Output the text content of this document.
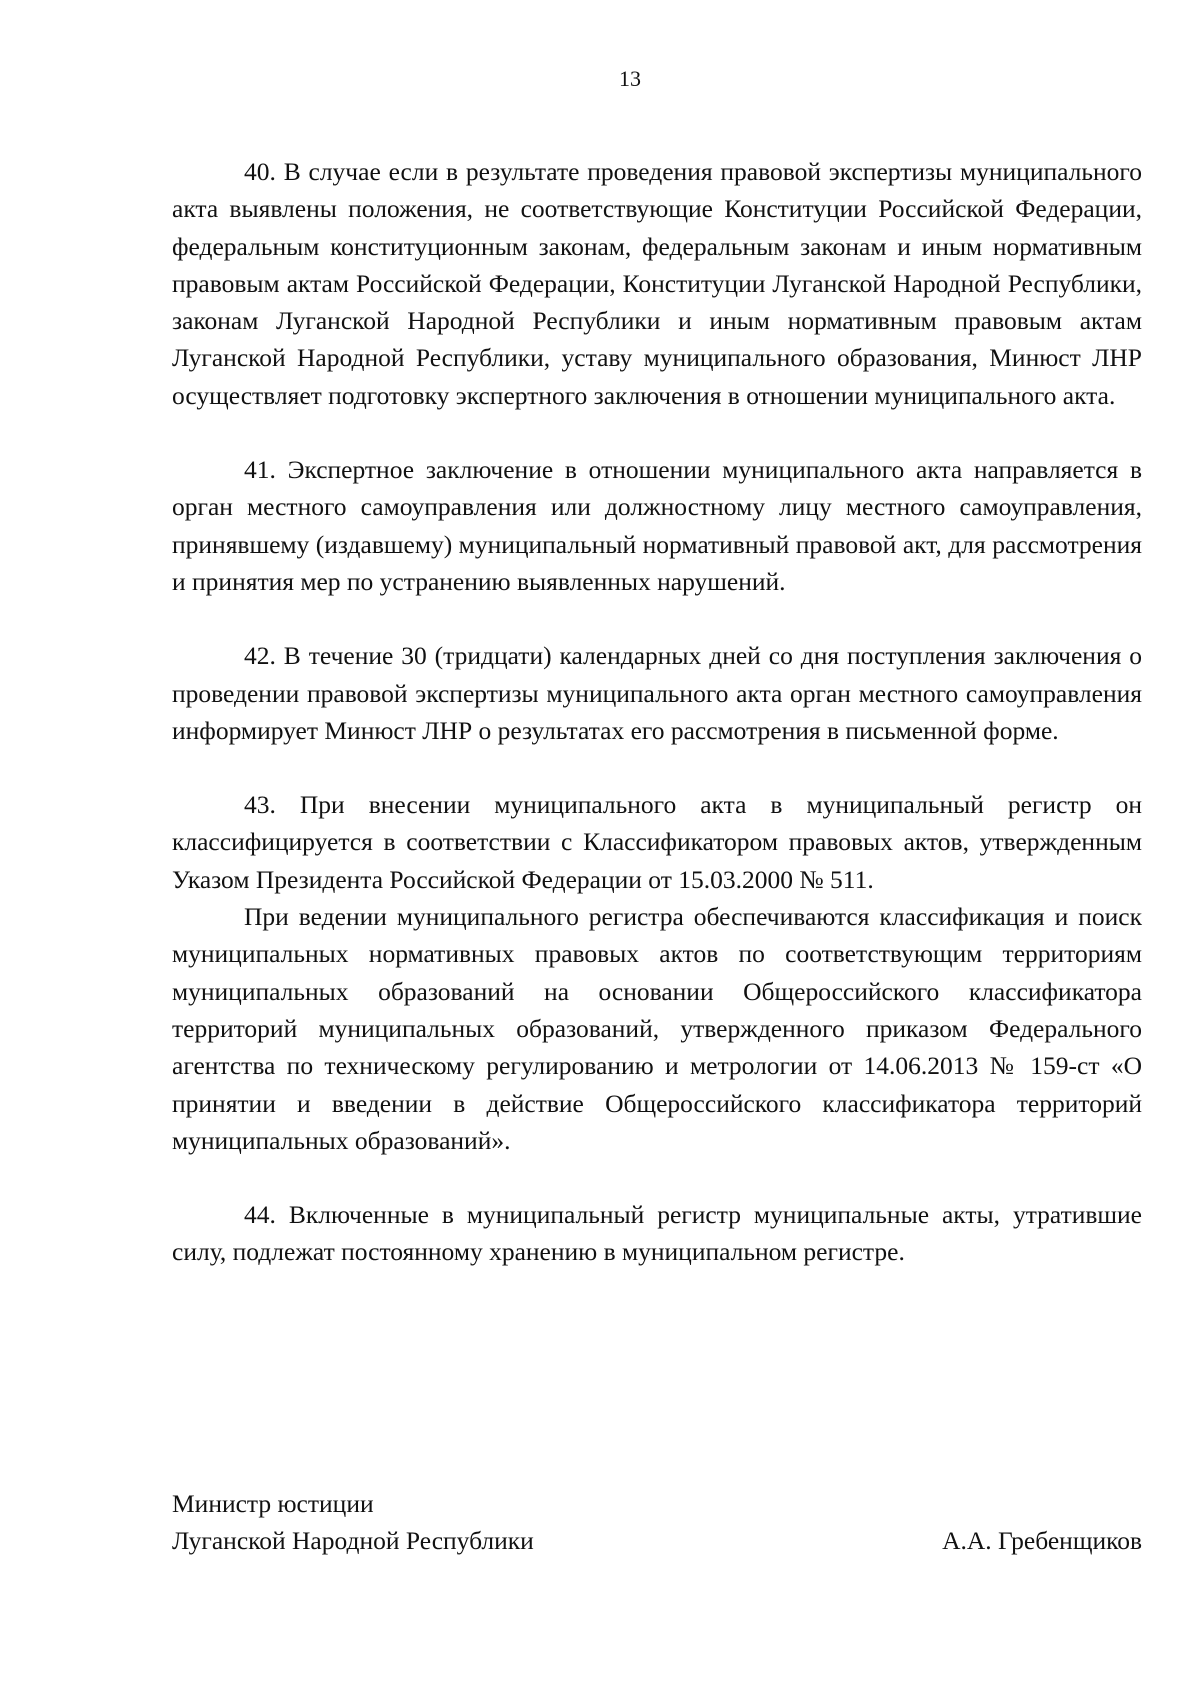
13

40. В случае если в результате проведения правовой экспертизы муниципального акта выявлены положения, не соответствующие Конституции Российской Федерации, федеральным конституционным законам, федеральным законам и иным нормативным правовым актам Российской Федерации, Конституции Луганской Народной Республики, законам Луганской Народной Республики и иным нормативным правовым актам Луганской Народной Республики, уставу муниципального образования, Минюст ЛНР осуществляет подготовку экспертного заключения в отношении муниципального акта.

41. Экспертное заключение в отношении муниципального акта направляется в орган местного самоуправления или должностному лицу местного самоуправления, принявшему (издавшему) муниципальный нормативный правовой акт, для рассмотрения и принятия мер по устранению выявленных нарушений.

42. В течение 30 (тридцати) календарных дней со дня поступления заключения о проведении правовой экспертизы муниципального акта орган местного самоуправления информирует Минюст ЛНР о результатах его рассмотрения в письменной форме.

43. При внесении муниципального акта в муниципальный регистр он классифицируется в соответствии с Классификатором правовых актов, утвержденным Указом Президента Российской Федерации от 15.03.2000 № 511.

При ведении муниципального регистра обеспечиваются классификация и поиск муниципальных нормативных правовых актов по соответствующим территориям муниципальных образований на основании Общероссийского классификатора территорий муниципальных образований, утвержденного приказом Федерального агентства по техническому регулированию и метрологии от 14.06.2013 № 159-ст «О принятии и введении в действие Общероссийского классификатора территорий муниципальных образований».

44. Включенные в муниципальный регистр муниципальные акты, утратившие силу, подлежат постоянному хранению в муниципальном регистре.

Министр юстиции
Луганской Народной Республики	А.А. Гребенщиков
